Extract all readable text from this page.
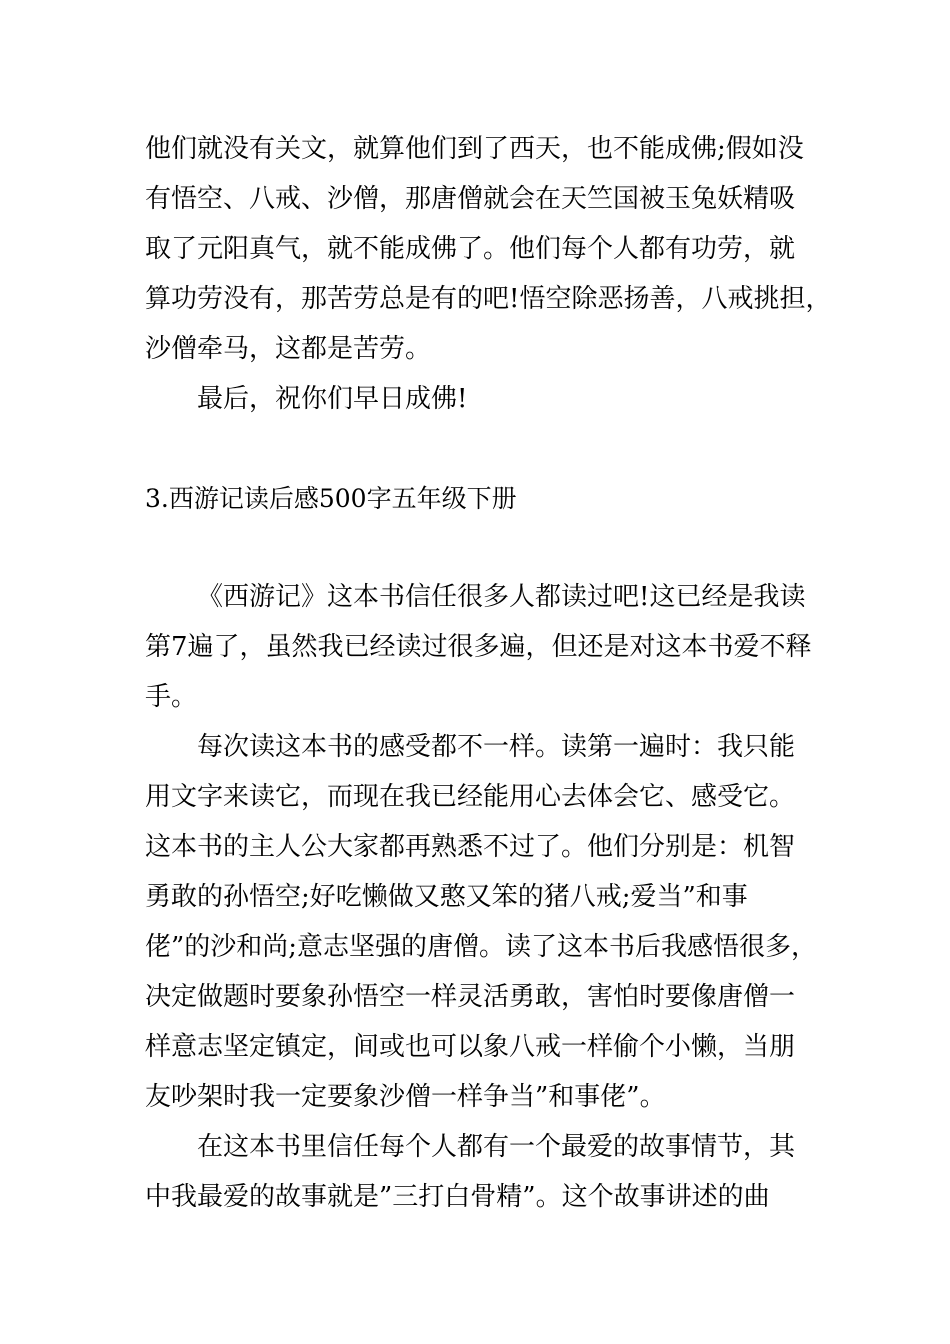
他们就没有关文，就算他们到了西天，也不能成佛;假如没

有悟空、八戒、沙僧，那唐僧就会在天竺国被玉兔妖精吸

取了元阳真气，就不能成佛了。他们每个人都有功劳，就

算功劳没有，那苦劳总是有的吧!悟空除恶扬善，八戒挑担，

沙僧牵马，这都是苦劳。

最后，祝你们早日成佛!

3.西游记读后感500字五年级下册

《西游记》这本书信任很多人都读过吧!这已经是我读

第7遍了，虽然我已经读过很多遍，但还是对这本书爱不释

手。

每次读这本书的感受都不一样。读第一遍时：我只能

用文字来读它，而现在我已经能用心去体会它、感受它。

这本书的主人公大家都再熟悉不过了。他们分别是：机智

勇敢的孙悟空;好吃懒做又憨又笨的猪八戒;爱当”和事

佬”的沙和尚;意志坚强的唐僧。读了这本书后我感悟很多，

决定做题时要象孙悟空一样灵活勇敢，害怕时要像唐僧一

样意志坚定镇定，间或也可以象八戒一样偷个小懒，当朋

友吵架时我一定要象沙僧一样争当”和事佬”。

在这本书里信任每个人都有一个最爱的故事情节，其

中我最爱的故事就是”三打白骨精”。这个故事讲述的曲
